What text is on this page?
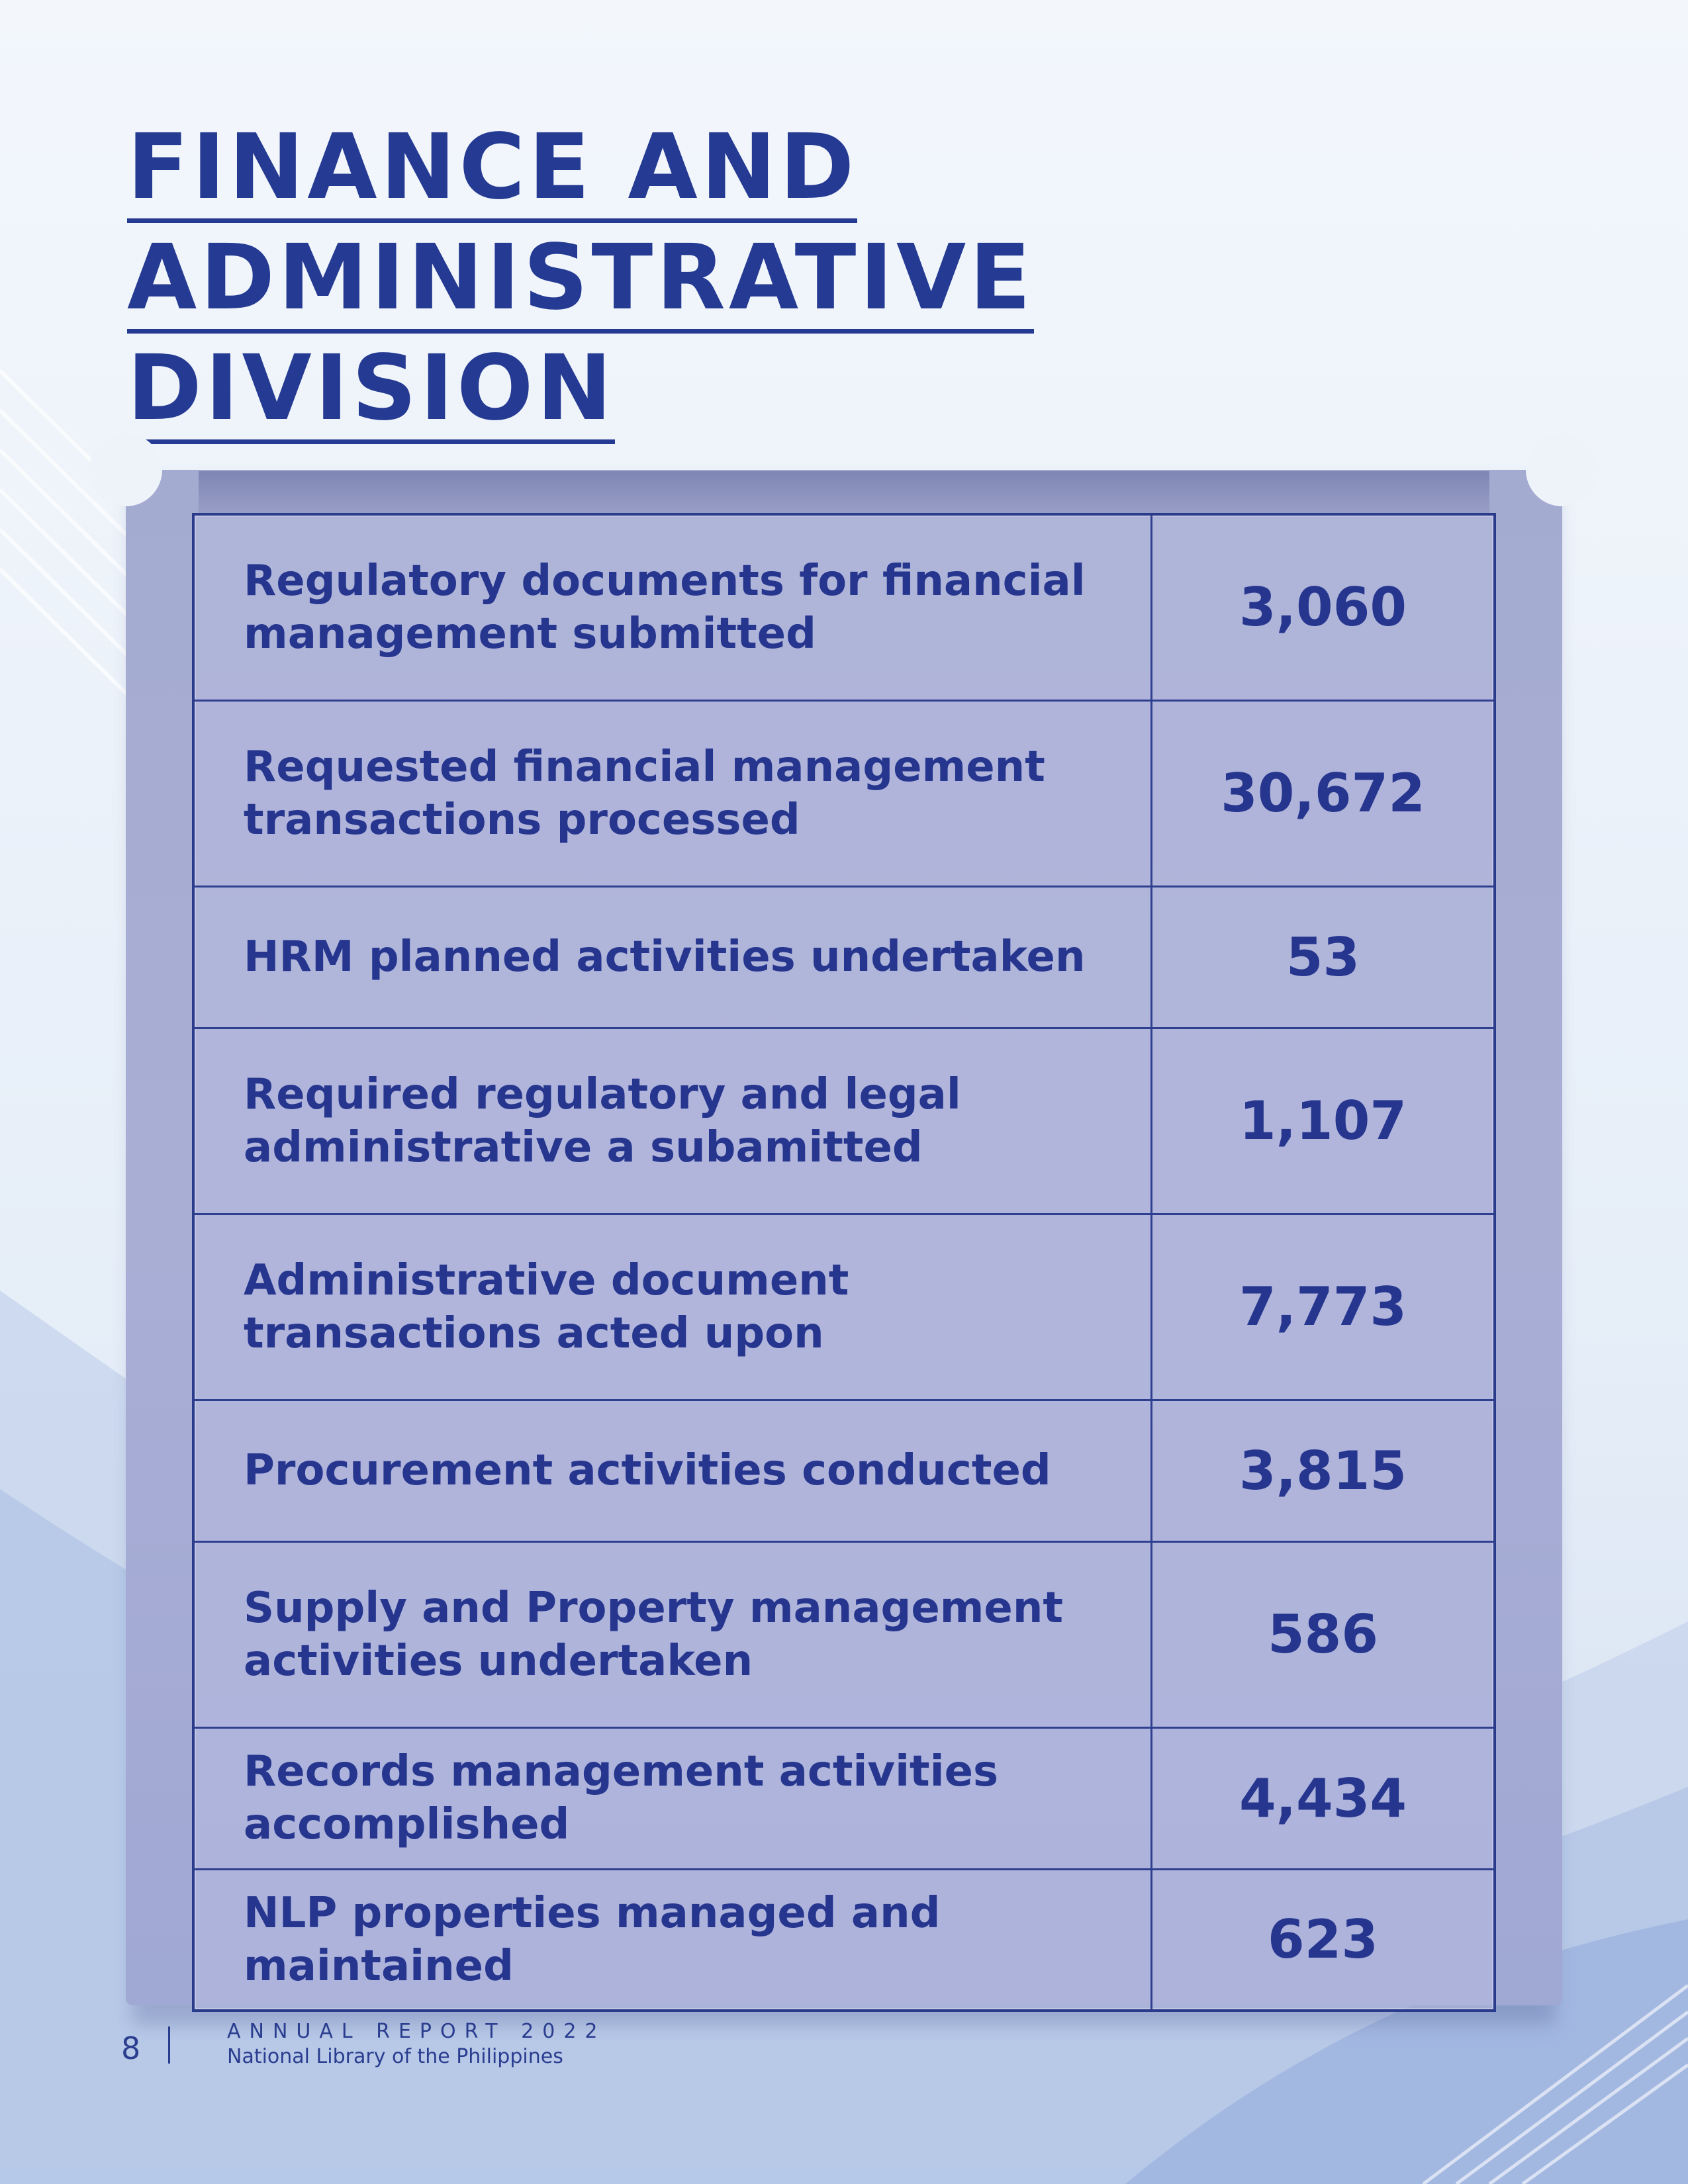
FINANCE AND
ADMINISTRATIVE
DIVISION
Regulatory documents for financial management submitted	3,060
Requested financial management transactions processed	30,672
HRM planned activities undertaken	53
Required regulatory and legal administrative a subamitted	1,107
Administrative document transactions acted upon	7,773
Procurement activities conducted	3,815
Supply and Property management activities undertaken	586
Records management activities accomplished	4,434
NLP properties managed and maintained	623
8	ANNUAL REPORT 2022
National Library of the Philippines
